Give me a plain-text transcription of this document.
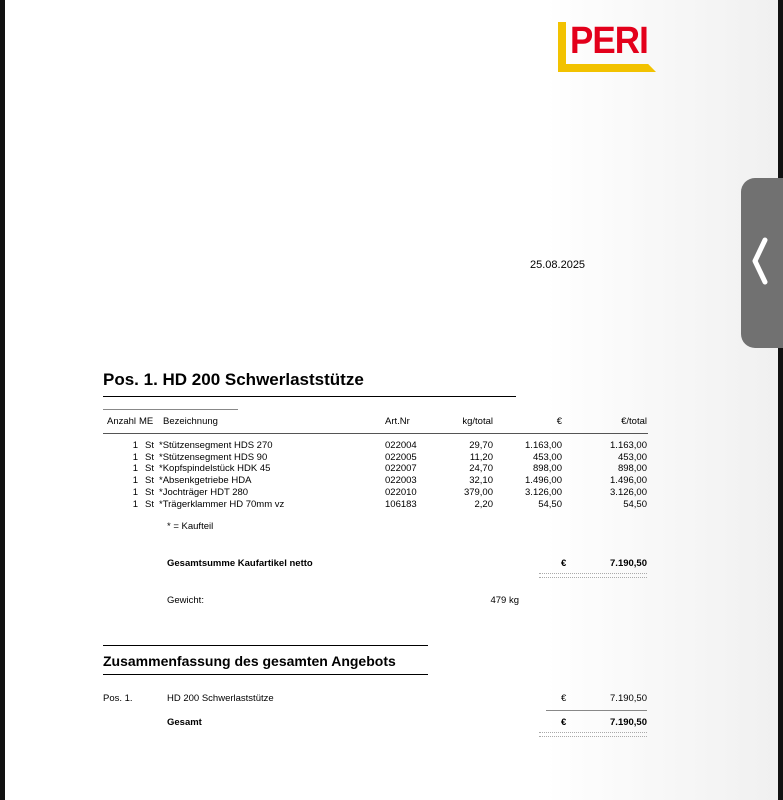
PERI
25.08.2025
Pos. 1. HD 200 Schwerlaststütze
Anzahl ME Bezeichnung	Art.Nr	kg/total	€	€/total
1 St *Stützensegment HDS 270	022004	29,70	1.163,00	1.163,00
1 St *Stützensegment HDS 90	022005	11,20	453,00	453,00
1 St *Kopfspindelstück HDK 45	022007	24,70	898,00	898,00
1 St *Absenkgetriebe HDA	022003	32,10	1.496,00	1.496,00
1 St *Jochträger HDT 280	022010	379,00	3.126,00	3.126,00
1 St *Trägerklammer HD 70mm vz	106183	2,20	54,50	54,50
* = Kaufteil
Gesamtsumme Kaufartikel netto	€	7.190,50
Gewicht:	479 kg
Zusammenfassung des gesamten Angebots
Pos. 1.	HD 200 Schwerlaststütze	€	7.190,50
Gesamt	€	7.190,50
